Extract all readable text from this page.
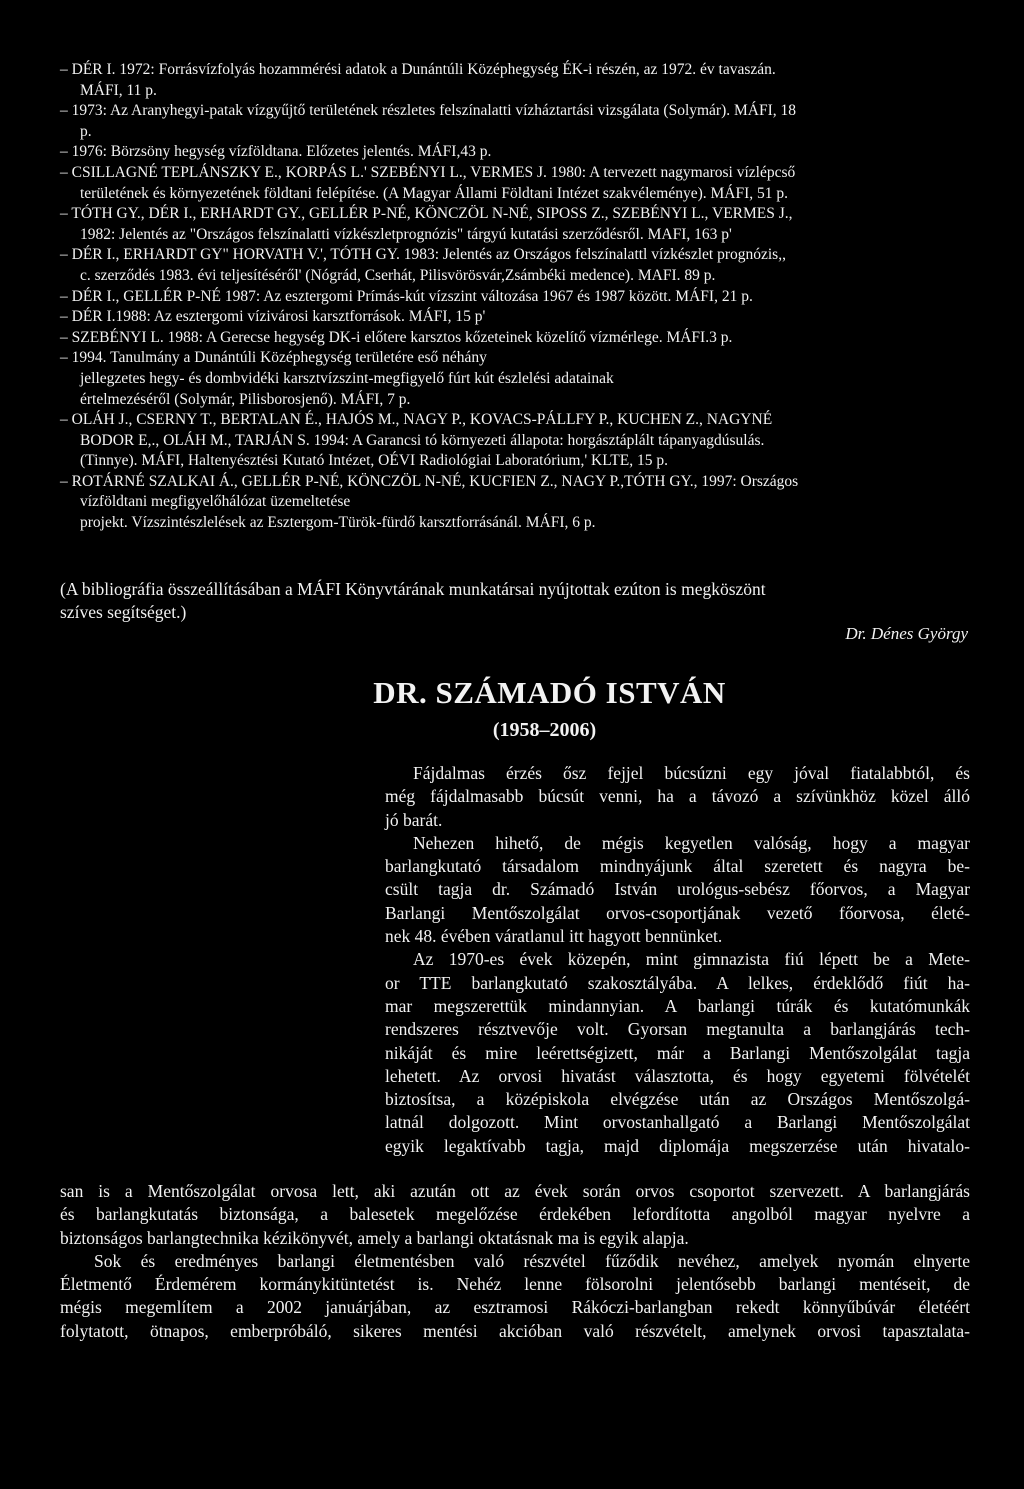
– DÉR I. 1972: Forrásvízfolyás hozammérési adatok a Dunántúli Középhegység ÉK-i részén, az 1972. év tavaszán.
MÁFI, 11 p.
– 1973: Az Aranyhegyi-patak vízgyűjtő területének részletes felszínalatti vízháztartási vizsgálata (Solymár). MÁFI, 18
p.
– 1976: Börzsöny hegység vízföldtana. Előzetes jelentés. MÁFI,43 p.
– CSILLAGNÉ TEPLÁNSZKY E., KORPÁS L.' SZEBÉNYI L., VERMES J. 1980: A tervezett nagymarosi vízlépcső
területének és környezetének földtani felépítése. (A Magyar Állami Földtani Intézet szakvéleménye). MÁFI, 51 p.
– TÓTH GY., DÉR I., ERHARDT GY., GELLÉR P-NÉ, KÖNCZÖL N-NÉ, SIPOSS Z., SZEBÉNYI L., VERMES J.,
1982: Jelentés az "Országos felszínalatti vízkészletprognózis" tárgyú kutatási szerződésről. MAFI, 163 p'
– DÉR I., ERHARDT GY" HORVATH V.', TÓTH GY. 1983: Jelentés az Országos felszínalattl vízkészlet prognózis,,
c. szerződés 1983. évi teljesítéséről' (Nógrád, Cserhát, Pilisvörösvár,Zsámbéki medence). MAFI. 89 p.
– DÉR I., GELLÉR P-NÉ 1987: Az esztergomi Prímás-kút vízszint változása 1967 és 1987 között. MÁFI, 21 p.
– DÉR I.1988: Az esztergomi vízivárosi karsztforrások. MÁFI, 15 p'
– SZEBÉNYI L. 1988: A Gerecse hegység DK-i előtere karsztos kőzeteinek közelítő vízmérlege. MÁFI.3 p.
– 1994. Tanulmány a Dunántúli Középhegység területére eső néhány
jellegzetes hegy- és dombvidéki karsztvízszint-megfigyelő fúrt kút észlelési adatainak
értelmezéséről (Solymár, Pilisborosjenő). MÁFI, 7 p.
– OLÁH J., CSERNY T., BERTALAN É., HAJÓS M., NAGY P., KOVACS-PÁLLFY P., KUCHEN Z., NAGYNÉ
BODOR E,., OLÁH M., TARJÁN S. 1994: A Garancsi tó környezeti állapota: horgásztáplált tápanyagdúsulás.
(Tinnye). MÁFI, Haltenyésztési Kutató Intézet, OÉVI Radiológiai Laboratórium,' KLTE, 15 p.
– ROTÁRNÉ SZALKAI Á., GELLÉR P-NÉ, KÖNCZÖL N-NÉ, KUCFIEN Z., NAGY P.,TÓTH GY., 1997: Országos
vízföldtani megfigyelőhálózat üzemeltetése
projekt. Vízszintészlelések az Esztergom-Türök-fürdő karsztforrásánál. MÁFI, 6 p.
(A bibliográfia összeállításában a MÁFI Könyvtárának munkatársai nyújtottak ezúton is megköszönt
szíves segítséget.)
Dr. Dénes György
DR. SZÁMADÓ ISTVÁN
(1958–2006)
Fájdalmas érzés ősz fejjel búcsúzni egy jóval fiatalabbtól, és
még fájdalmasabb búcsút venni, ha a távozó a szívünkhöz közel álló
jó barát.
Nehezen hihető, de mégis kegyetlen valóság, hogy a magyar
barlangkutató társadalom mindnyájunk által szeretett és nagyra be-
csült tagja dr. Számadó István urológus-sebész főorvos, a Magyar
Barlangi Mentőszolgálat orvos-csoportjának vezető főorvosa, életé-
nek 48. évében váratlanul itt hagyott bennünket.
Az 1970-es évek közepén, mint gimnazista fiú lépett be a Mete-
or TTE barlangkutató szakosztályába. A lelkes, érdeklődő fiút ha-
mar megszerettük mindannyian. A barlangi túrák és kutatómunkák
rendszeres résztvevője volt. Gyorsan megtanulta a barlangjárás tech-
nikáját és mire leérettségizett, már a Barlangi Mentőszolgálat tagja
lehetett. Az orvosi hivatást választotta, és hogy egyetemi fölvételét
biztosítsa, a középiskola elvégzése után az Országos Mentőszolgá-
latnál dolgozott. Mint orvostanhallgató a Barlangi Mentőszolgálat
egyik legaktívabb tagja, majd diplomája megszerzése után hivatalo-
san is a Mentőszolgálat orvosa lett, aki azután ott az évek során orvos csoportot szervezett. A barlangjárás
és barlangkutatás biztonsága, a balesetek megelőzése érdekében lefordította angolból magyar nyelvre a
biztonságos barlangtechnika kézikönyvét, amely a barlangi oktatásnak ma is egyik alapja.
Sok és eredményes barlangi életmentésben való részvétel fűződik nevéhez, amelyek nyomán elnyerte
Életmentő Érdemérem kormánykitüntetést is. Nehéz lenne fölsorolni jelentősebb barlangi mentéseit, de
mégis megemlítem a 2002 januárjában, az esztramosi Rákóczi-barlangban rekedt könnyűbúvár életéért
folytatott, ötnapos, emberpróbáló, sikeres mentési akcióban való részvételt, amelynek orvosi tapasztalata-
